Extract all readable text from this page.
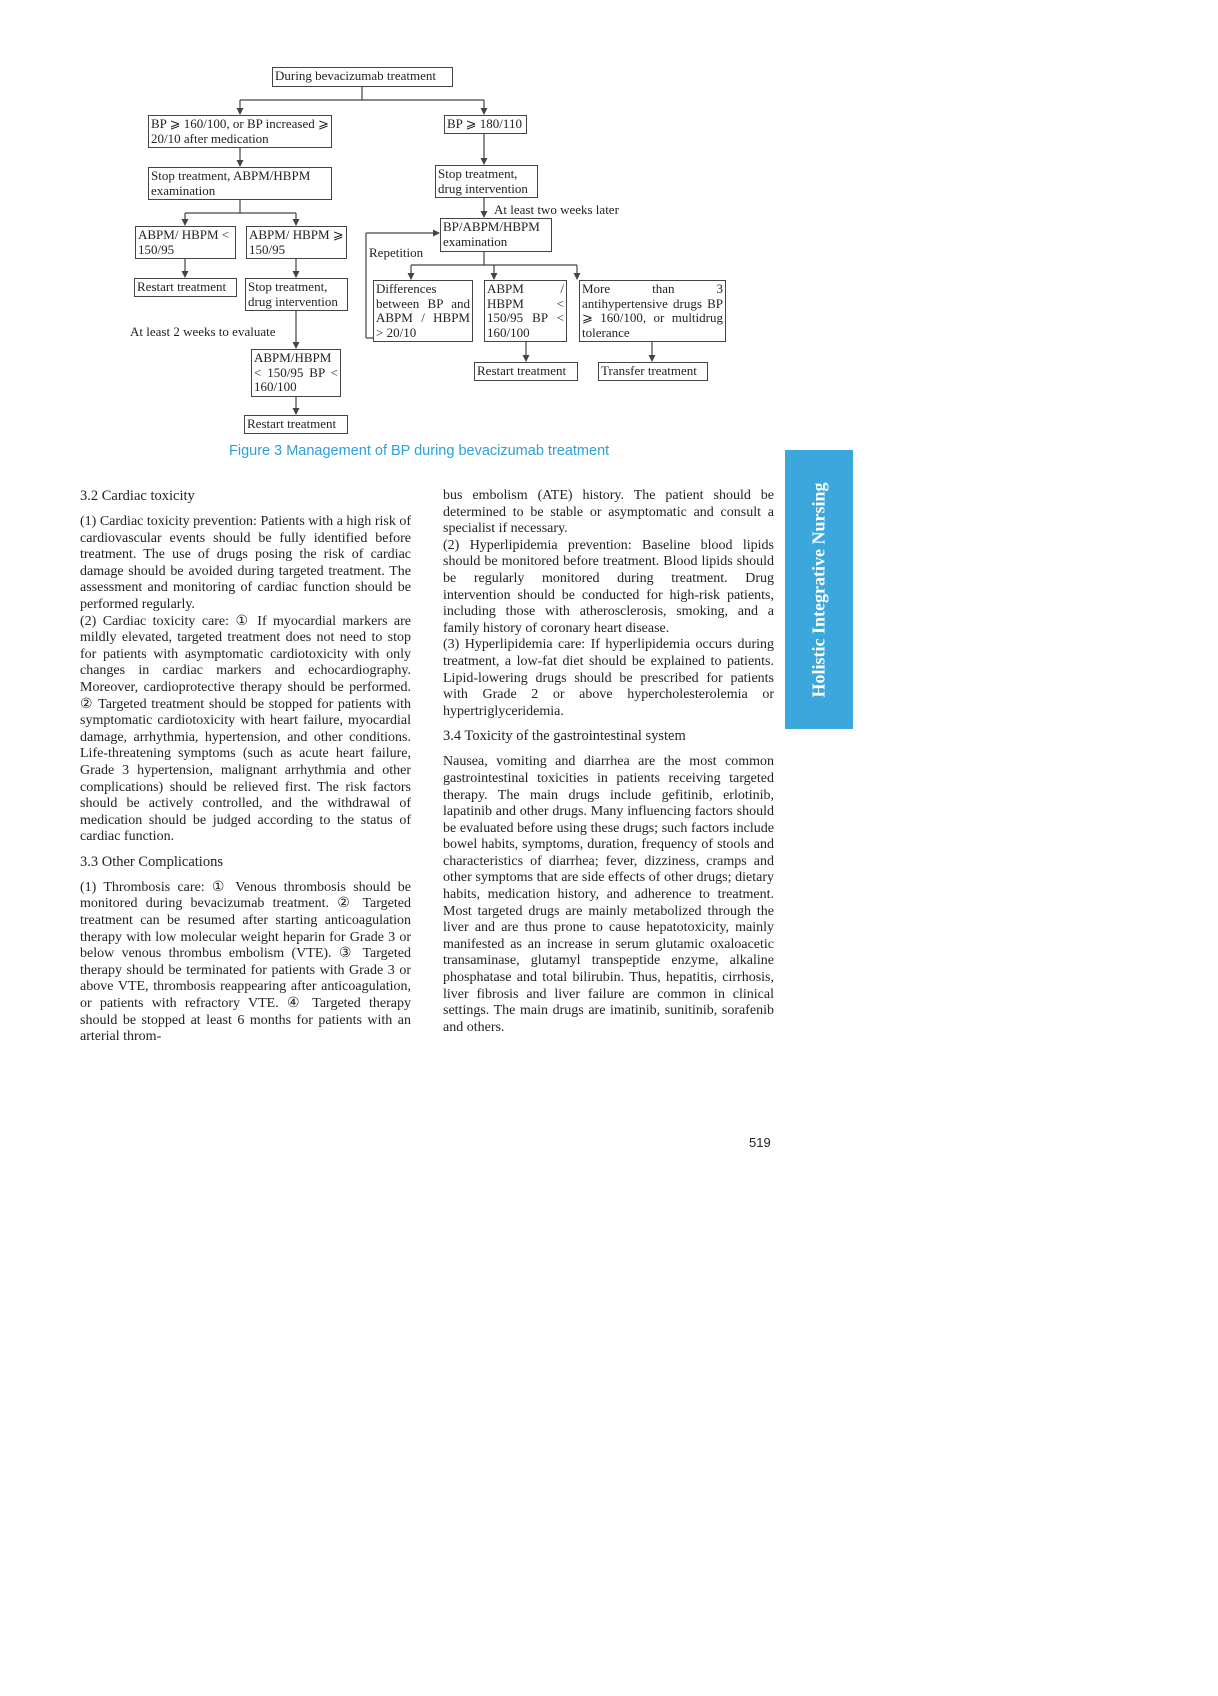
During bevacizumab treatment
BP ⩾ 160/100, or BP increased ⩾ 20/10 after medication
BP ⩾ 180/110
Stop treatment, ABPM/HBPM examination
Stop treatment, drug intervention
At least two weeks later
ABPM/ HBPM < 150/95
ABPM/ HBPM ⩾ 150/95
BP/ABPM/HBPM examination
Repetition
Restart treatment	Stop treatment, drug intervention
At least 2 weeks to evaluate
Differences between BP and ABPM / HBPM > 20/10
ABPM / HBPM < 150/95 BP < 160/100
More than 3 antihypertensive drugs BP ⩾ 160/100, or multidrug tolerance
ABPM/HBPM < 150/95 BP < 160/100
Restart treatment	Transfer treatment
Restart treatment
Figure 3 Management of BP during bevacizumab treatment
Holistic Integrative Nursing
3.2 Cardiac toxicity

(1) Cardiac toxicity prevention: Patients with a high risk of cardiovascular events should be fully identified before treatment. The use of drugs posing the risk of cardiac damage should be avoided during targeted treatment. The assessment and monitoring of cardiac function should be performed regularly.

(2) Cardiac toxicity care: ① If myocardial markers are mildly elevated, targeted treatment does not need to stop for patients with asymptomatic cardiotoxicity with only changes in cardiac markers and echocardiography. Moreover, cardioprotective therapy should be performed. ② Targeted treatment should be stopped for patients with symptomatic cardiotoxicity with heart failure, myocardial damage, arrhythmia, hypertension, and other conditions. Life-threatening symptoms (such as acute heart failure, Grade 3 hypertension, malignant arrhythmia and other complications) should be relieved first. The risk factors should be actively controlled, and the withdrawal of medication should be judged according to the status of cardiac function.

3.3 Other Complications

(1) Thrombosis care: ① Venous thrombosis should be monitored during bevacizumab treatment. ② Targeted treatment can be resumed after starting anticoagulation therapy with low molecular weight heparin for Grade 3 or below venous thrombus embolism (VTE). ③ Targeted therapy should be terminated for patients with Grade 3 or above VTE, thrombosis reappearing after anticoagulation, or patients with refractory VTE. ④ Targeted therapy should be stopped at least 6 months for patients with an arterial throm-

bus embolism (ATE) history. The patient should be determined to be stable or asymptomatic and consult a specialist if necessary.

(2) Hyperlipidemia prevention: Baseline blood lipids should be monitored before treatment. Blood lipids should be regularly monitored during treatment. Drug intervention should be conducted for high-risk patients, including those with atherosclerosis, smoking, and a family history of coronary heart disease.

(3) Hyperlipidemia care: If hyperlipidemia occurs during treatment, a low-fat diet should be explained to patients. Lipid-lowering drugs should be prescribed for patients with Grade 2 or above hypercholesterolemia or hypertriglyceridemia.

3.4 Toxicity of the gastrointestinal system

Nausea, vomiting and diarrhea are the most common gastrointestinal toxicities in patients receiving targeted therapy. The main drugs include gefitinib, erlotinib, lapatinib and other drugs. Many influencing factors should be evaluated before using these drugs; such factors include bowel habits, symptoms, duration, frequency of stools and characteristics of diarrhea; fever, dizziness, cramps and other symptoms that are side effects of other drugs; dietary habits, medication history, and adherence to treatment. Most targeted drugs are mainly metabolized through the liver and are thus prone to cause hepatotoxicity, mainly manifested as an increase in serum glutamic oxaloacetic transaminase, glutamyl transpeptide enzyme, alkaline phosphatase and total bilirubin. Thus, hepatitis, cirrhosis, liver fibrosis and liver failure are common in clinical settings. The main drugs are imatinib, sunitinib, sorafenib and others.

519
